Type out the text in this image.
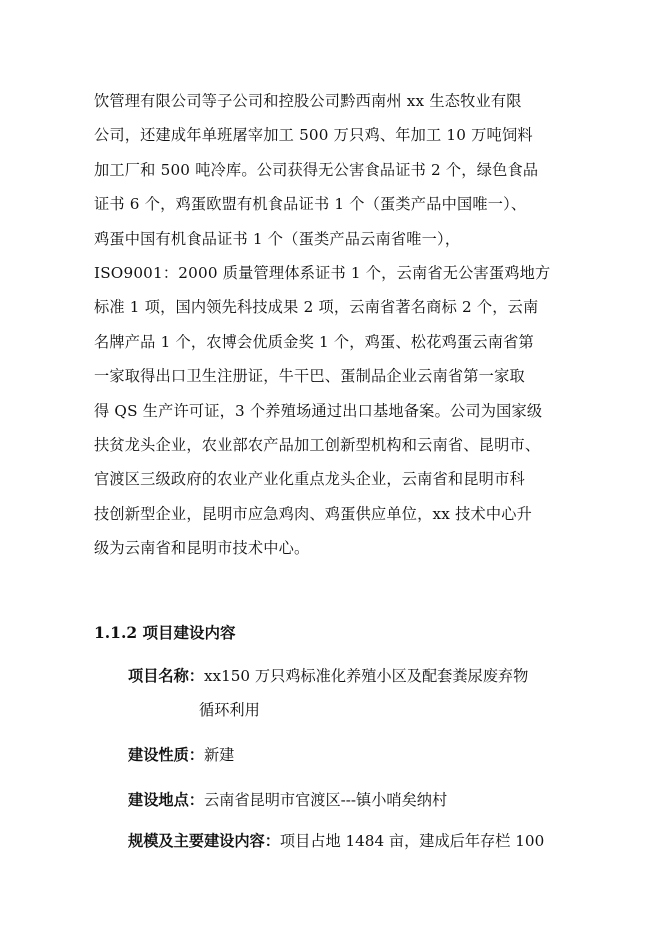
饮管理有限公司等子公司和控股公司黔西南州 xx 生态牧业有限
公司，还建成年单班屠宰加工 500 万只鸡、年加工 10 万吨饲料
加工厂和 500 吨冷库。公司获得无公害食品证书 2 个，绿色食品
证书 6 个，鸡蛋欧盟有机食品证书 1 个（蛋类产品中国唯一）、
鸡蛋中国有机食品证书 1 个（蛋类产品云南省唯一），
ISO9001：2000 质量管理体系证书 1 个，云南省无公害蛋鸡地方
标准 1 项，国内领先科技成果 2 项，云南省著名商标 2 个，云南
名牌产品 1 个，农博会优质金奖 1 个，鸡蛋、松花鸡蛋云南省第
一家取得出口卫生注册证，牛干巴、蛋制品企业云南省第一家取
得 QS 生产许可证，3 个养殖场通过出口基地备案。公司为国家级
扶贫龙头企业，农业部农产品加工创新型机构和云南省、昆明市、
官渡区三级政府的农业产业化重点龙头企业，云南省和昆明市科
技创新型企业，昆明市应急鸡肉、鸡蛋供应单位，xx 技术中心升
级为云南省和昆明市技术中心。
1.1.2 项目建设内容
项目名称：xx150 万只鸡标准化养殖小区及配套粪尿废弃物
循环利用
建设性质：新建
建设地点：云南省昆明市官渡区---镇小哨矣纳村
规模及主要建设内容：项目占地 1484 亩，建成后年存栏 100
